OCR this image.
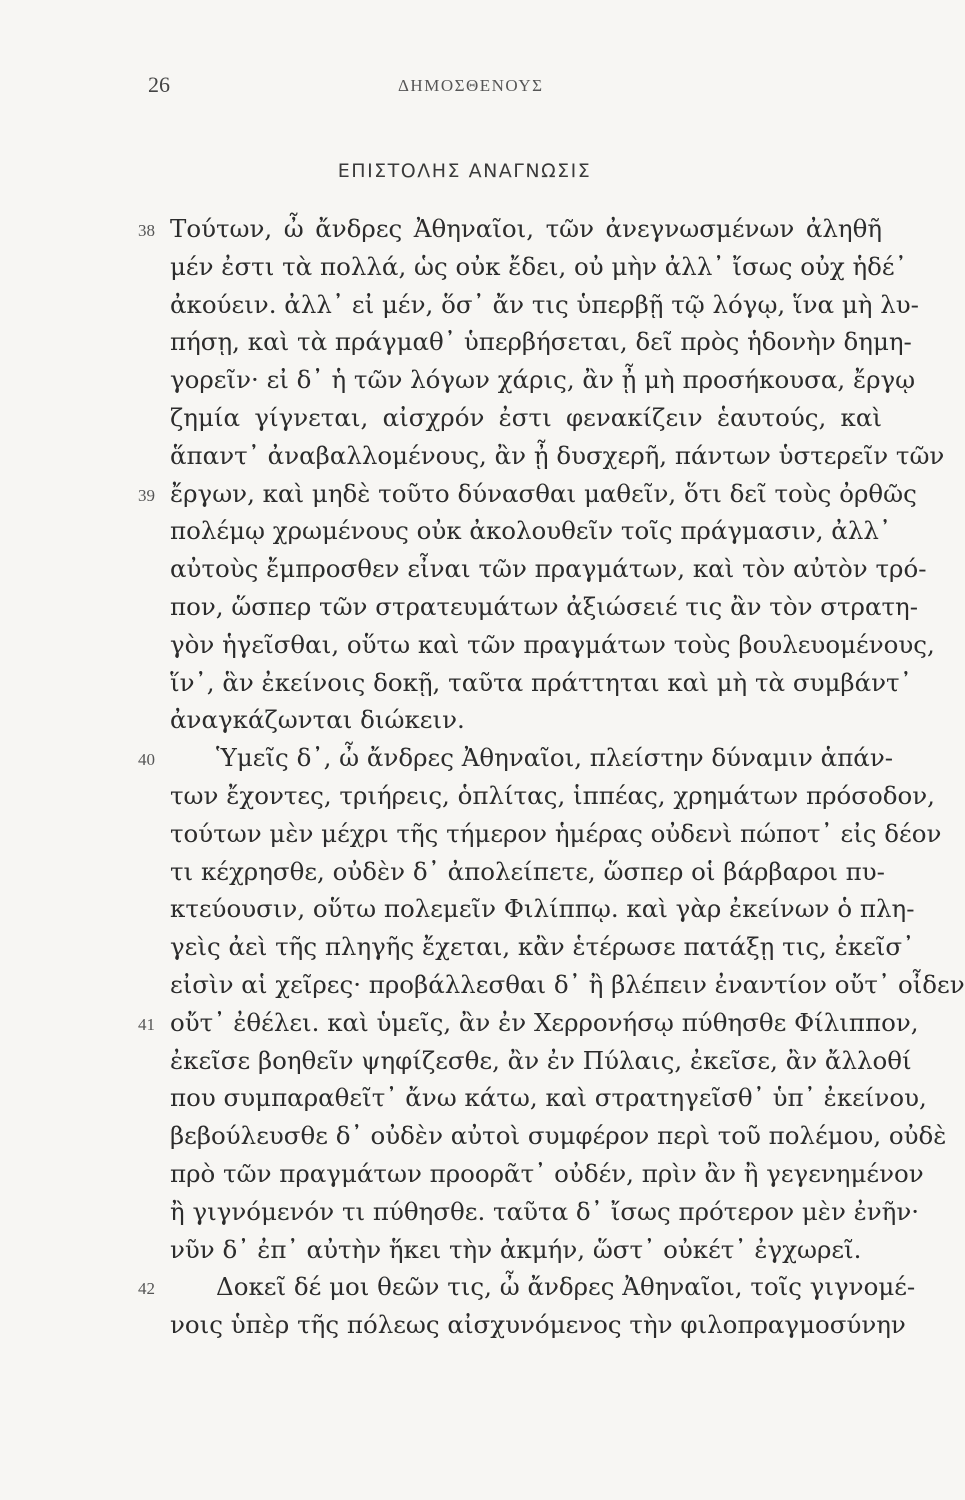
26	ΔΗΜΟΣΘΕΝΟΥΣ
ΕΠΙΣΤΟΛΗΣ ΑΝΑΓΝΩΣΙΣ
38 Τούτων, ὦ ἄνδρες Ἀθηναῖοι, τῶν ἀνεγνωσμένων ἀληθῆ
μέν ἐστι τὰ πολλά, ὡς οὐκ ἔδει, οὐ μὴν ἀλλ᾽ ἴσως οὐχ ἡδέ᾽
ἀκούειν. ἀλλ᾽ εἰ μέν, ὅσ᾽ ἄν τις ὑπερβῇ τῷ λόγῳ, ἵνα μὴ λυ-
πήσῃ, καὶ τὰ πράγμαθ᾽ ὑπερβήσεται, δεῖ πρὸς ἡδονὴν δημη-
γορεῖν· εἰ δ᾽ ἡ τῶν λόγων χάρις, ἂν ᾖ μὴ προσήκουσα, ἔργῳ
ζημία γίγνεται, αἰσχρόν ἐστι φενακίζειν ἑαυτούς, καὶ
ἅπαντ᾽ ἀναβαλλομένους, ἂν ᾖ δυσχερῆ, πάντων ὑστερεῖν τῶν
39 ἔργων, καὶ μηδὲ τοῦτο δύνασθαι μαθεῖν, ὅτι δεῖ τοὺς ὀρθῶς
πολέμῳ χρωμένους οὐκ ἀκολουθεῖν τοῖς πράγμασιν, ἀλλ᾽
αὐτοὺς ἔμπροσθεν εἶναι τῶν πραγμάτων, καὶ τὸν αὐτὸν τρό-
πον, ὥσπερ τῶν στρατευμάτων ἀξιώσειέ τις ἂν τὸν στρατη-
γὸν ἡγεῖσθαι, οὕτω καὶ τῶν πραγμάτων τοὺς βουλευομένους,
ἵν᾽, ἃν ἐκείνοις δοκῇ, ταῦτα πράττηται καὶ μὴ τὰ συμβάντ᾽
ἀναγκάζωνται διώκειν.
40	Ὑμεῖς δ᾽, ὦ ἄνδρες Ἀθηναῖοι, πλείστην δύναμιν ἁπάν-
των ἔχοντες, τριήρεις, ὁπλίτας, ἱππέας, χρημάτων πρόσοδον,
τούτων μὲν μέχρι τῆς τήμερον ἡμέρας οὐδενὶ πώποτ᾽ εἰς δέον
τι κέχρησθε, οὐδὲν δ᾽ ἀπολείπετε, ὥσπερ οἱ βάρβαροι πυ-
κτεύουσιν, οὕτω πολεμεῖν Φιλίππῳ. καὶ γὰρ ἐκείνων ὁ πλη-
γεὶς ἀεὶ τῆς πληγῆς ἔχεται, κἂν ἑτέρωσε πατάξῃ τις, ἐκεῖσ᾽
εἰσὶν αἱ χεῖρες· προβάλλεσθαι δ᾽ ἢ βλέπειν ἐναντίον οὔτ᾽ οἶδεν
41 οὔτ᾽ ἐθέλει. καὶ ὑμεῖς, ἂν ἐν Χερρονήσῳ πύθησθε Φίλιππον,
ἐκεῖσε βοηθεῖν ψηφίζεσθε, ἂν ἐν Πύλαις, ἐκεῖσε, ἂν ἄλλοθί
που συμπαραθεῖτ᾽ ἄνω κάτω, καὶ στρατηγεῖσθ᾽ ὑπ᾽ ἐκείνου,
βεβούλευσθε δ᾽ οὐδὲν αὐτοὶ συμφέρον περὶ τοῦ πολέμου, οὐδὲ
πρὸ τῶν πραγμάτων προορᾶτ᾽ οὐδέν, πρὶν ἂν ἢ γεγενημένον
ἢ γιγνόμενόν τι πύθησθε. ταῦτα δ᾽ ἴσως πρότερον μὲν ἐνῆν·
νῦν δ᾽ ἐπ᾽ αὐτὴν ἥκει τὴν ἀκμήν, ὥστ᾽ οὐκέτ᾽ ἐγχωρεῖ.
42	Δοκεῖ δέ μοι θεῶν τις, ὦ ἄνδρες Ἀθηναῖοι, τοῖς γιγνομέ-
νοις ὑπὲρ τῆς πόλεως αἰσχυνόμενος τὴν φιλοπραγμοσύνην
